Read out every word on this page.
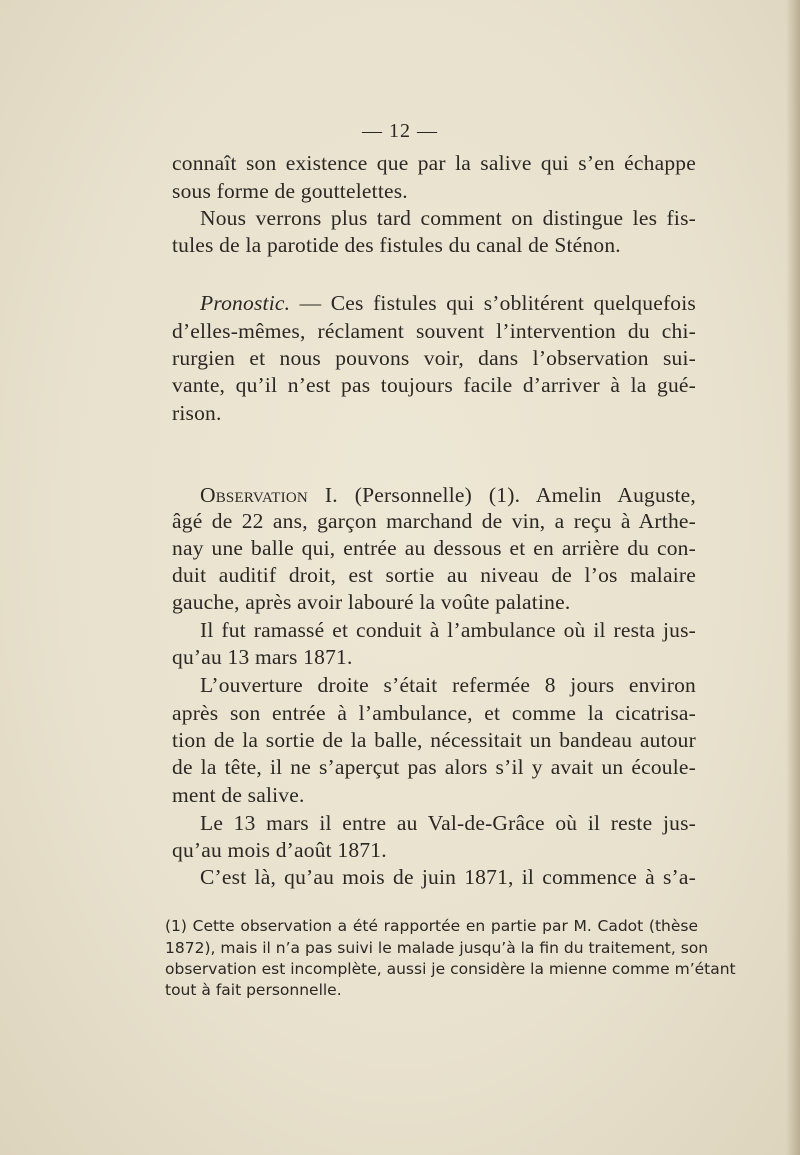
— 12 —
connaît son existence que par la salive qui s’en échappe
sous forme de gouttelettes.
Nous verrons plus tard comment on distingue les fis-
tules de la parotide des fistules du canal de Sténon.
Pronostic. — Ces fistules qui s’oblitérent quelquefois
d’elles-mêmes, réclament souvent l’intervention du chi-
rurgien et nous pouvons voir, dans l’observation sui-
vante, qu’il n’est pas toujours facile d’arriver à la gué-
rison.
Observation I. (Personnelle) (1). Amelin Auguste,
âgé de 22 ans, garçon marchand de vin, a reçu à Arthe-
nay une balle qui, entrée au dessous et en arrière du con-
duit auditif droit, est sortie au niveau de l’os malaire
gauche, après avoir labouré la voûte palatine.
Il fut ramassé et conduit à l’ambulance où il resta jus-
qu’au 13 mars 1871.
L’ouverture droite s’était refermée 8 jours environ
après son entrée à l’ambulance, et comme la cicatrisa-
tion de la sortie de la balle, nécessitait un bandeau autour
de la tête, il ne s’aperçut pas alors s’il y avait un écoule-
ment de salive.
Le 13 mars il entre au Val-de-Grâce où il reste jus-
qu’au mois d’août 1871.
C’est là, qu’au mois de juin 1871, il commence à s’a-
(1) Cette observation a été rapportée en partie par M. Cadot (thèse
1872), mais il n’a pas suivi le malade jusqu’à la fin du traitement, son
observation est incomplète, aussi je considère la mienne comme m’étant
tout à fait personnelle.
